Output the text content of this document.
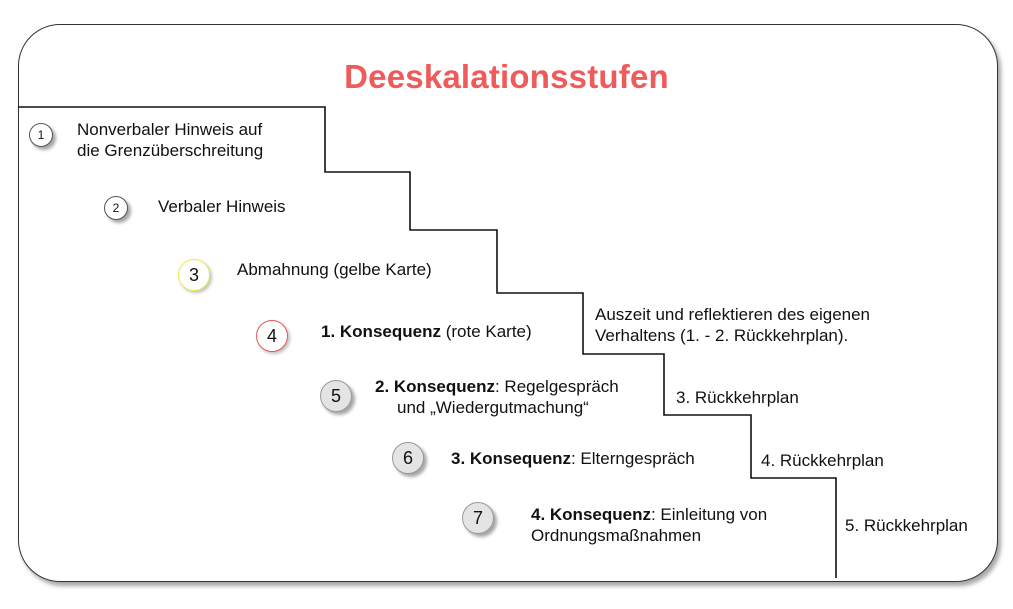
Deeskalationsstufen
1	Nonverbaler Hinweis auf
die Grenzüberschreitung
2	Verbaler Hinweis
3	Abmahnung (gelbe Karte)
4	1. Konsequenz (rote Karte)
5	2. Konsequenz: Regelgespräch
und „Wiedergutmachung“
6	3. Konsequenz: Elterngespräch
7	4. Konsequenz: Einleitung von
Ordnungsmaßnahmen
Auszeit und reflektieren des eigenen
Verhaltens (1. - 2. Rückkehrplan).
3. Rückkehrplan
4. Rückkehrplan
5. Rückkehrplan
